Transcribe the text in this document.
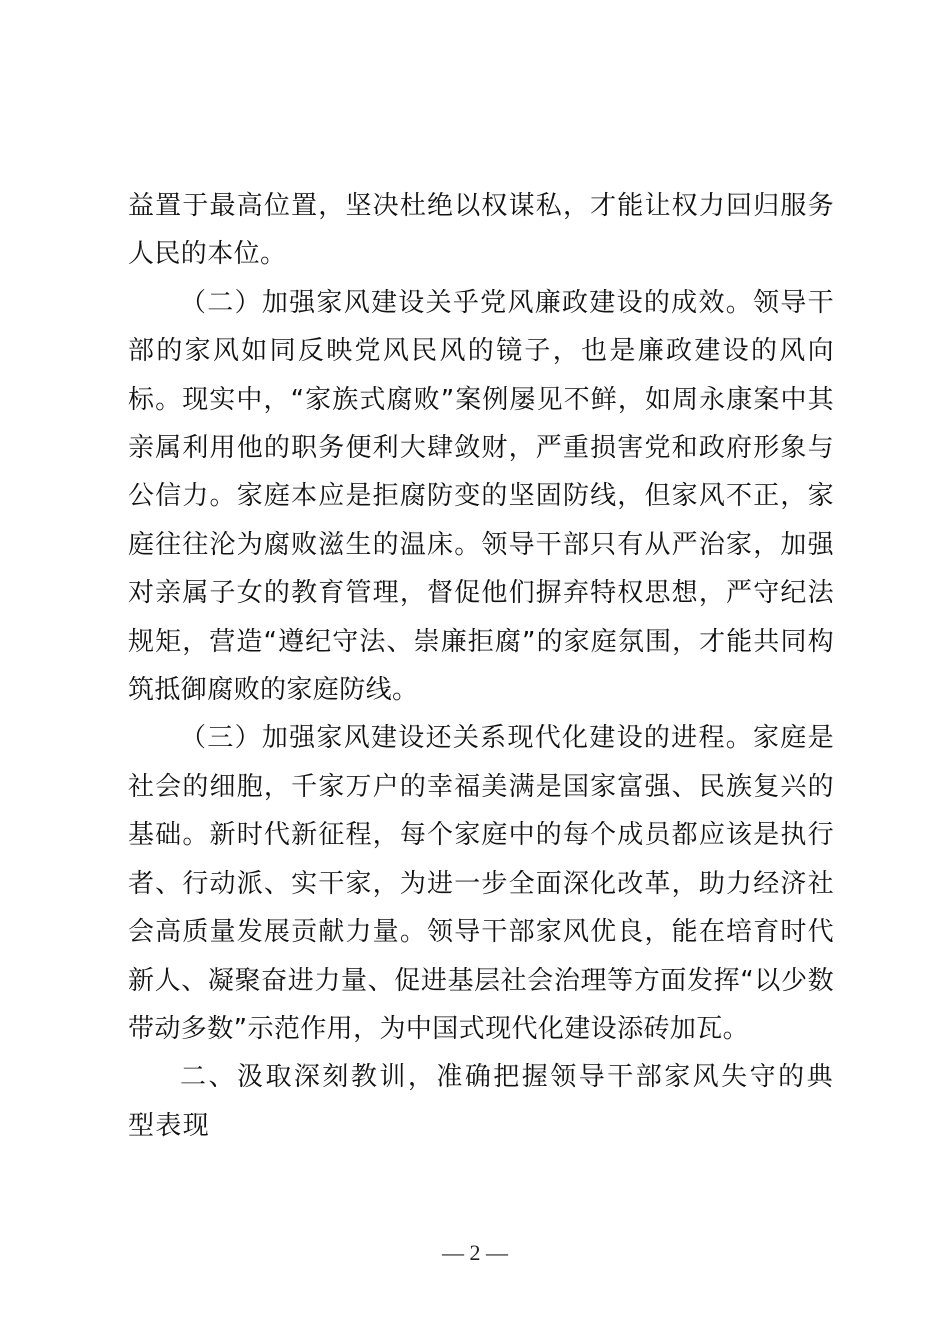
益置于最高位置，坚决杜绝以权谋私，才能让权力回归服务人民的本位。

（二）加强家风建设关乎党风廉政建设的成效。领导干部的家风如同反映党风民风的镜子，也是廉政建设的风向标。现实中，“家族式腐败”案例屡见不鲜，如周永康案中其亲属利用他的职务便利大肆敛财，严重损害党和政府形象与公信力。家庭本应是拒腐防变的坚固防线，但家风不正，家庭往往沦为腐败滋生的温床。领导干部只有从严治家，加强对亲属子女的教育管理，督促他们摒弃特权思想，严守纪法规矩，营造“遵纪守法、崇廉拒腐”的家庭氛围，才能共同构筑抵御腐败的家庭防线。

（三）加强家风建设还关系现代化建设的进程。家庭是社会的细胞，千家万户的幸福美满是国家富强、民族复兴的基础。新时代新征程，每个家庭中的每个成员都应该是执行者、行动派、实干家，为进一步全面深化改革，助力经济社会高质量发展贡献力量。领导干部家风优良，能在培育时代新人、凝聚奋进力量、促进基层社会治理等方面发挥“以少数带动多数”示范作用，为中国式现代化建设添砖加瓦。

二、汲取深刻教训，准确把握领导干部家风失守的典型表现

— 2 —
